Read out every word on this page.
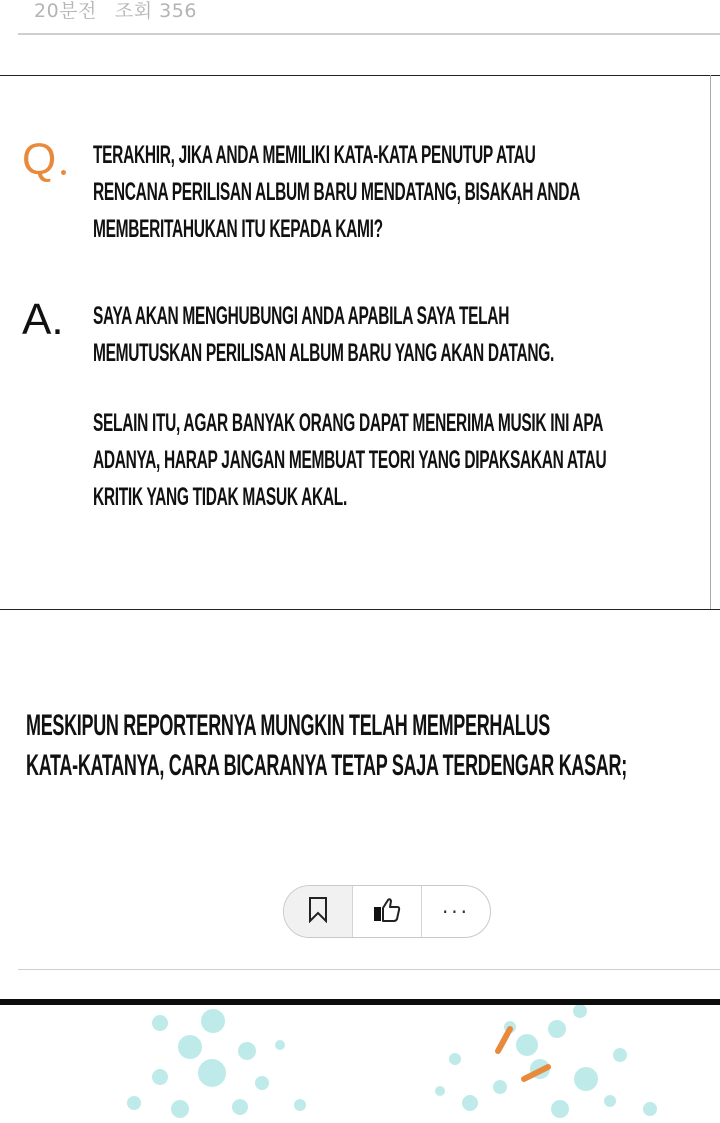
20분전 조회 356
Q TERAKHIR, JIKA ANDA MEMILIKI KATA-KATA PENUTUP ATAU
RENCANA PERILISAN ALBUM BARU MENDATANG, BISAKAH ANDA
MEMBERITAHUKAN ITU KEPADA KAMI?
A. SAYA AKAN MENGHUBUNGI ANDA APABILA SAYA TELAH
MEMUTUSKAN PERILISAN ALBUM BARU YANG AKAN DATANG.
SELAIN ITU, AGAR BANYAK ORANG DAPAT MENERIMA MUSIK INI APA
ADANYA, HARAP JANGAN MEMBUAT TEORI YANG DIPAKSAKAN ATAU
KRITIK YANG TIDAK MASUK AKAL.
MESKIPUN REPORTERNYA MUNGKIN TELAH MEMPERHALUS
KATA-KATANYA, CARA BICARANYA TETAP SAJA TERDENGAR KASAR;
···
